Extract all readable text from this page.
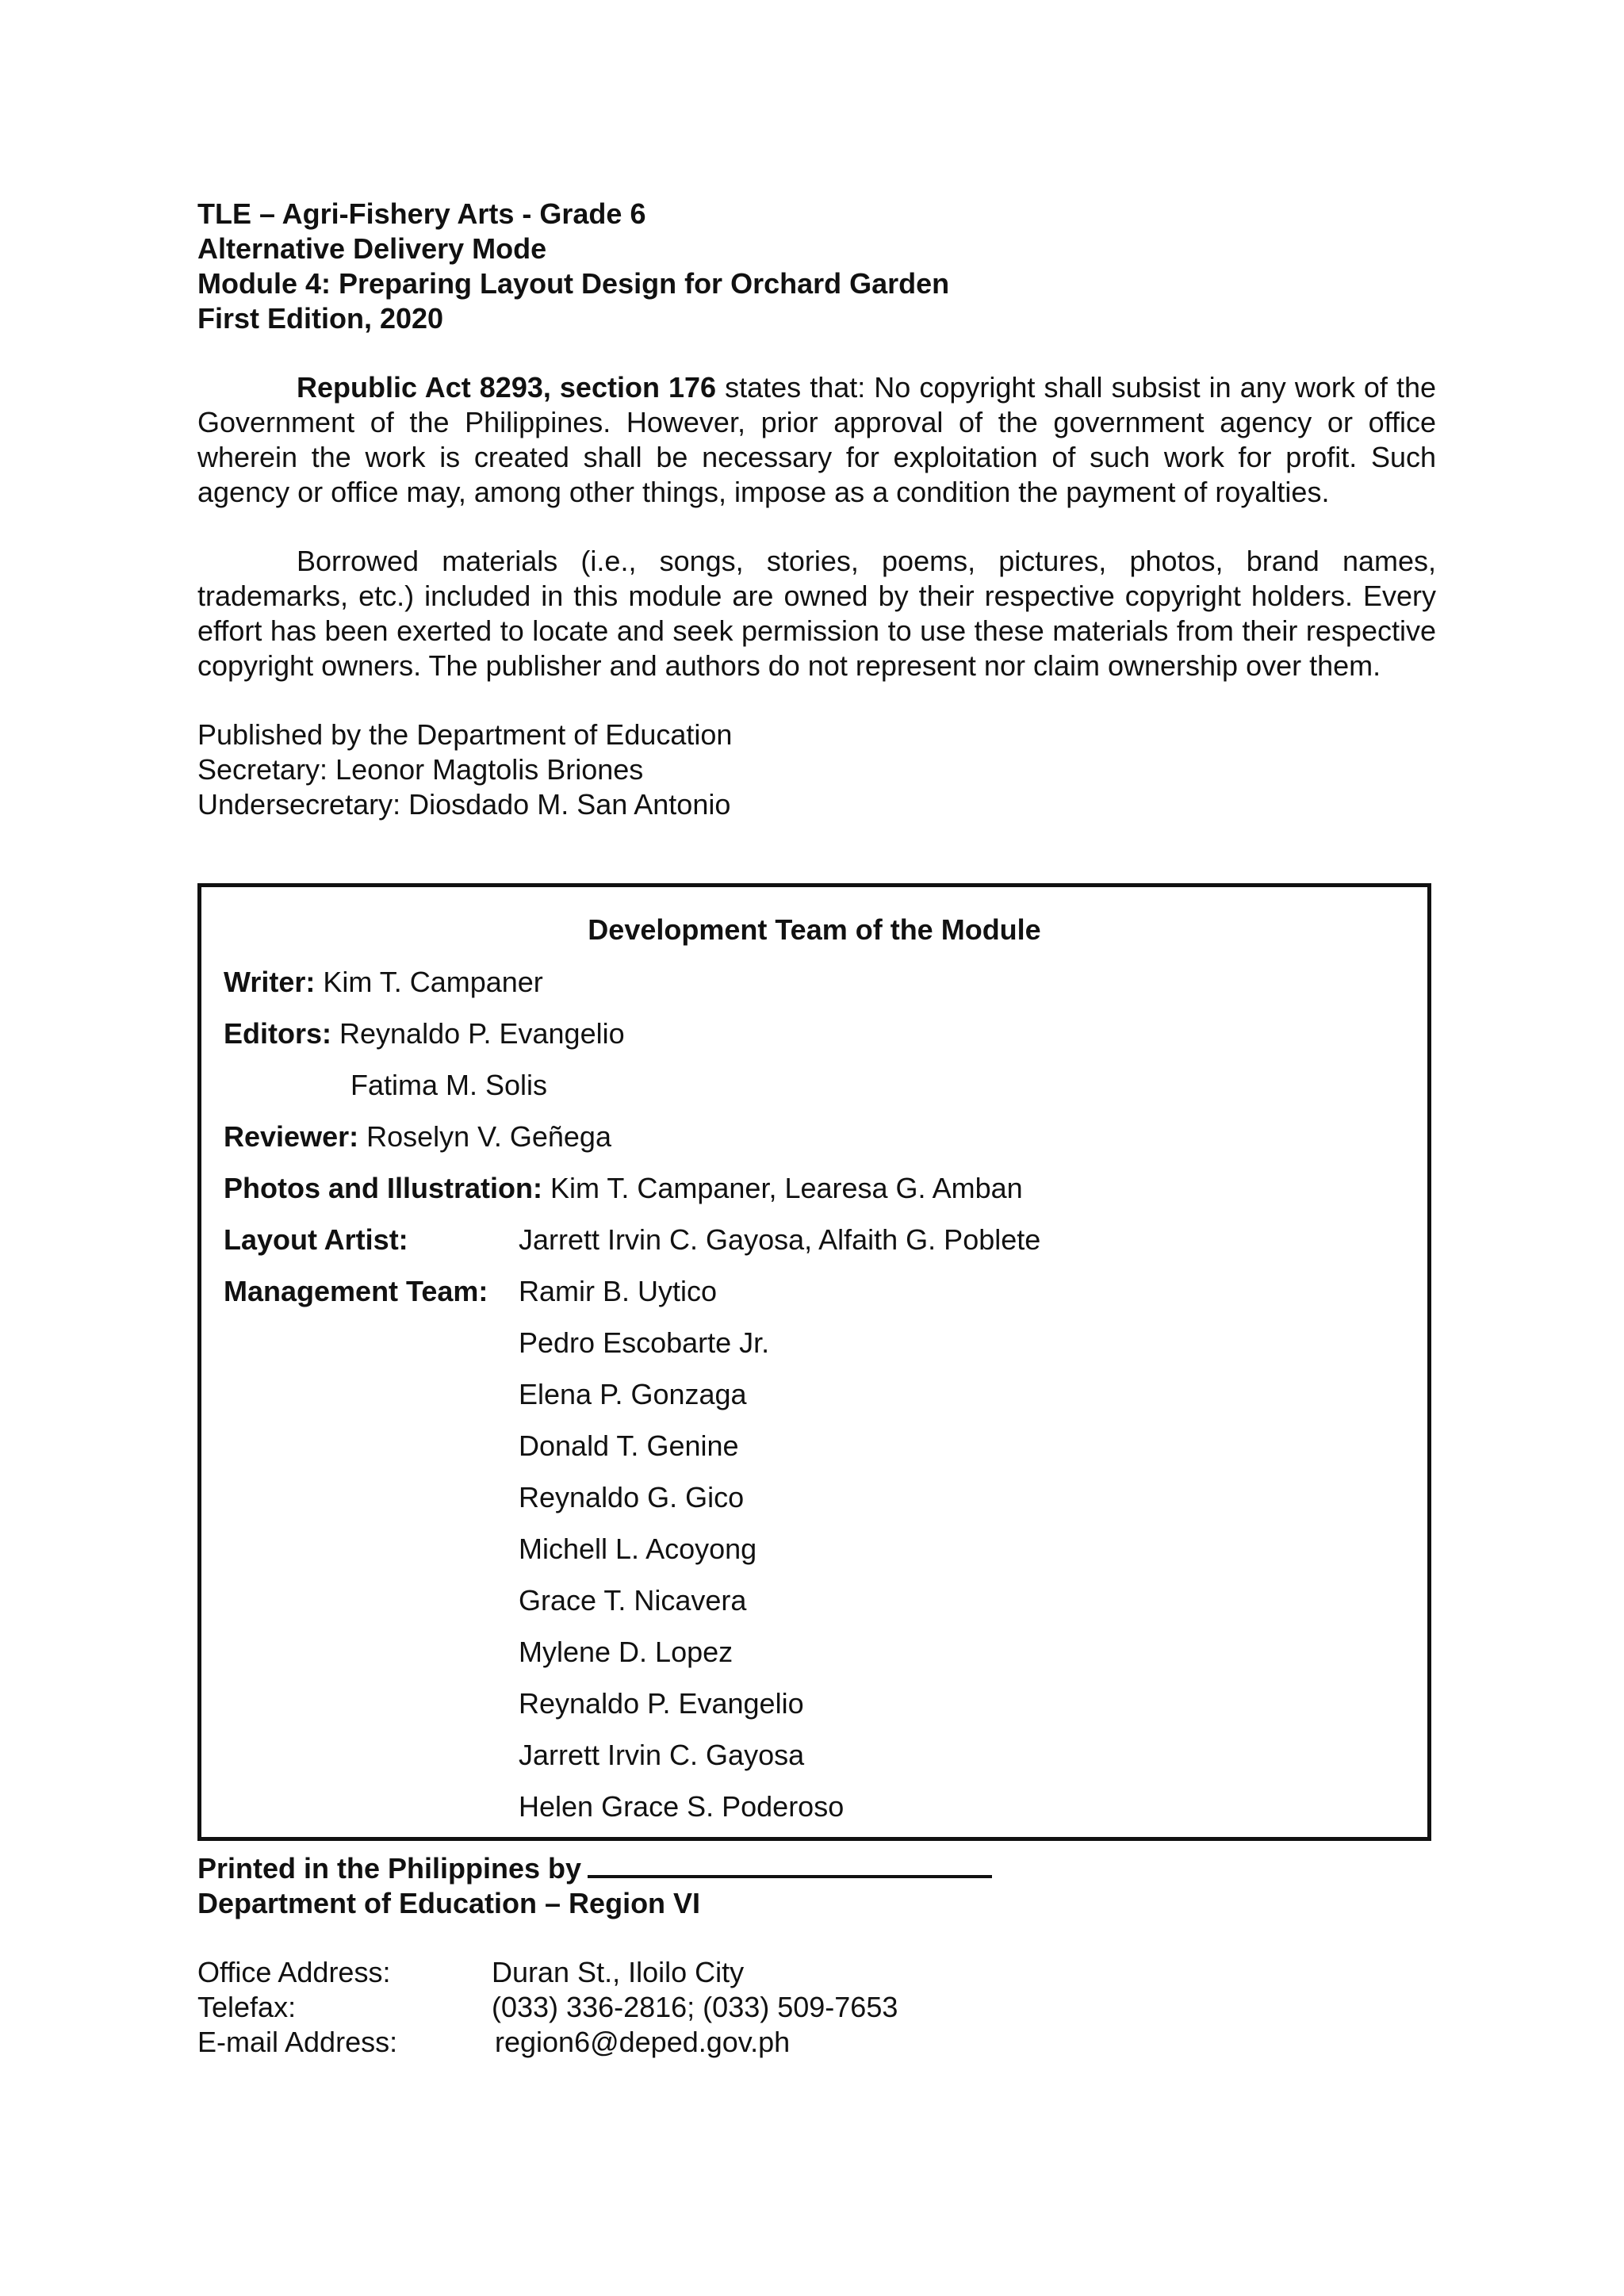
TLE – Agri-Fishery Arts - Grade 6
Alternative Delivery Mode
Module 4: Preparing Layout Design for Orchard Garden
First Edition, 2020

Republic Act 8293, section 176 states that: No copyright shall subsist in any work of the Government of the Philippines. However, prior approval of the government agency or office wherein the work is created shall be necessary for exploitation of such work for profit. Such agency or office may, among other things, impose as a condition the payment of royalties.

Borrowed materials (i.e., songs, stories, poems, pictures, photos, brand names, trademarks, etc.) included in this module are owned by their respective copyright holders. Every effort has been exerted to locate and seek permission to use these materials from their respective copyright owners. The publisher and authors do not represent nor claim ownership over them.

Published by the Department of Education
Secretary: Leonor Magtolis Briones
Undersecretary: Diosdado M. San Antonio
Development Team of the Module
Writer: Kim T. Campaner
Editors: Reynaldo P. Evangelio
Fatima M. Solis
Reviewer: Roselyn V. Geñega
Photos and Illustration: Kim T. Campaner, Learesa G. Amban
Layout Artist:	Jarrett Irvin C. Gayosa, Alfaith G. Poblete
Management Team: Ramir B. Uytico
Pedro Escobarte Jr.
Elena P. Gonzaga
Donald T. Genine
Reynaldo G. Gico
Michell L. Acoyong
Grace T. Nicavera
Mylene D. Lopez
Reynaldo P. Evangelio
Jarrett Irvin C. Gayosa
Helen Grace S. Poderoso
Printed in the Philippines by
Department of Education – Region VI
Office Address:	Duran St., Iloilo City
Telefax:	(033) 336-2816; (033) 509-7653
E-mail Address:	region6@deped.gov.ph
